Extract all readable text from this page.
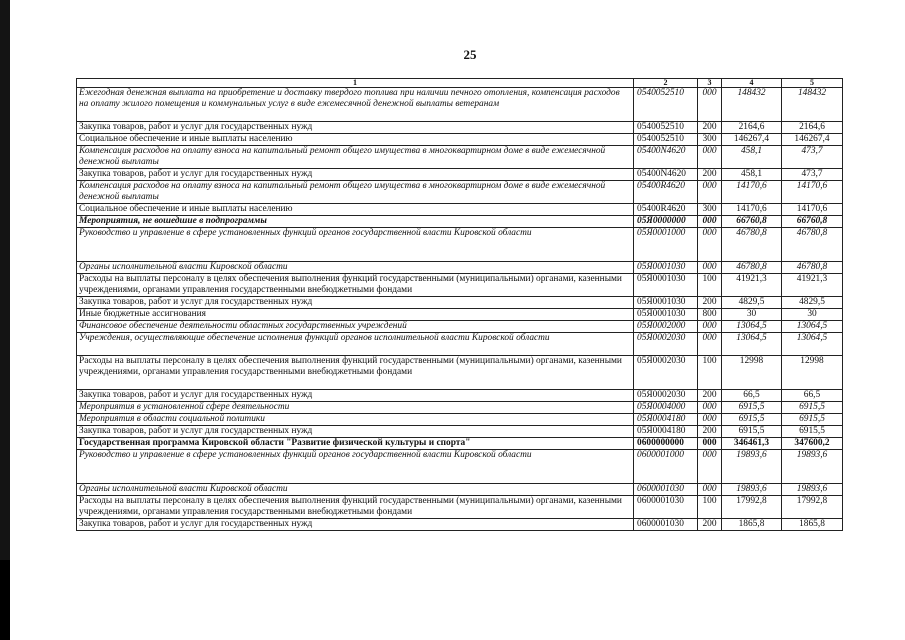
25
1	2	3	4	5
Ежегодная денежная выплата на приобретение и доставку твердого топлива при наличии печного отопления, компенсация расходов на оплату жилого помещения и коммунальных услуг в виде ежемесячной денежной выплаты ветеранам	0540052510	000	148432	148432
Закупка товаров, работ и услуг для государственных нужд	0540052510	200	2164,6	2164,6
Социальное обеспечение и иные выплаты населению	0540052510	300	146267,4	146267,4
Компенсация расходов на оплату взноса на капитальный ремонт общего имущества в многоквартирном доме в виде ежемесячной денежной выплаты	05400N4620	000	458,1	473,7
Закупка товаров, работ и услуг для государственных нужд	05400N4620	200	458,1	473,7
Компенсация расходов на оплату взноса на капитальный ремонт общего имущества в многоквартирном доме в виде ежемесячной денежной выплаты	05400R4620	000	14170,6	14170,6
Социальное обеспечение и иные выплаты населению	05400R4620	300	14170,6	14170,6
Мероприятия, не вошедшие в подпрограммы	05Я0000000	000	66760,8	66760,8
Руководство и управление в сфере установленных функций органов государственной власти Кировской области	05Я0001000	000	46780,8	46780,8
Органы исполнительной власти Кировской области	05Я0001030	000	46780,8	46780,8
Расходы на выплаты персоналу в целях обеспечения выполнения функций государственными (муниципальными) органами, казенными учреждениями, органами управления государственными внебюджетными фондами	05Я0001030	100	41921,3	41921,3
Закупка товаров, работ и услуг для государственных нужд	05Я0001030	200	4829,5	4829,5
Иные бюджетные ассигнования	05Я0001030	800	30	30
Финансовое обеспечение деятельности областных государственных учреждений	05Я0002000	000	13064,5	13064,5
Учреждения, осуществляющие обеспечение исполнения функций органов исполнительной власти Кировской области	05Я0002030	000	13064,5	13064,5
Расходы на выплаты персоналу в целях обеспечения выполнения функций государственными (муниципальными) органами, казенными учреждениями, органами управления государственными внебюджетными фондами	05Я0002030	100	12998	12998
Закупка товаров, работ и услуг для государственных нужд	05Я0002030	200	66,5	66,5
Мероприятия в установленной сфере деятельности	05Я0004000	000	6915,5	6915,5
Мероприятия в области социальной политики	05Я0004180	000	6915,5	6915,5
Закупка товаров, работ и услуг для государственных нужд	05Я0004180	200	6915,5	6915,5
Государственная программа Кировской области "Развитие физической культуры и спорта"	0600000000	000	346461,3	347600,2
Руководство и управление в сфере установленных функций органов государственной власти Кировской области	0600001000	000	19893,6	19893,6
Органы исполнительной власти Кировской области	0600001030	000	19893,6	19893,6
Расходы на выплаты персоналу в целях обеспечения выполнения функций государственными (муниципальными) органами, казенными учреждениями, органами управления государственными внебюджетными фондами	0600001030	100	17992,8	17992,8
Закупка товаров, работ и услуг для государственных нужд	0600001030	200	1865,8	1865,8
